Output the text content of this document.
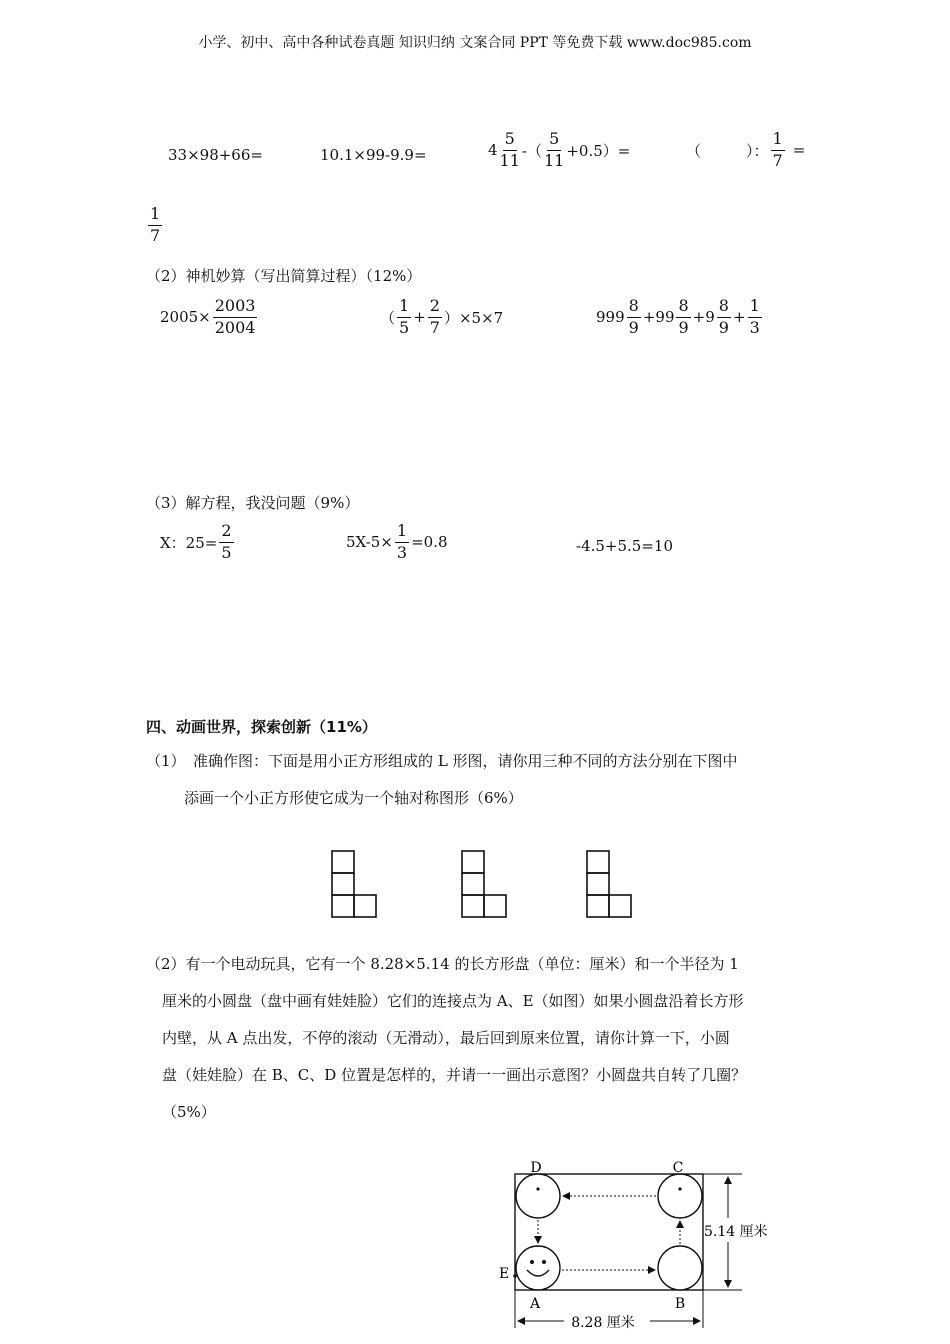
小学、初中、高中各种试卷真题 知识归纳 文案合同 PPT 等免费下载 www.doc985.com
33×98+66=	10.1×99-9.9=	$4 \frac{5}{11}$ -（ $\frac{5}{11} +0.5)=$	（　　　）： $\frac{1}{7}$ =
$\frac{1}{7}$
（2）神机妙算（写出简算过程）（12%）
$2005\times \frac{2003}{2004}$	（ $\frac{1}{5} + \frac{2}{7} )\times 5\times 7$	$999 \frac{8}{9} +99 \frac{8}{9} +9 \frac{8}{9} + \frac{1}{3}$
（3）解方程，我没问题（9%）
X：$25= \frac{2}{5}$	$5X-5\times \frac{1}{3} =0.8$	-4.5+5.5=10
四、动画世界，探索创新（11%）
（1）　准确作图：下面是用小正方形组成的 L 形图，请你用三种不同的方法分别在下图中
添画一个小正方形使它成为一个轴对称图形（6%）
（2）有一个电动玩具，它有一个 8.28×5.14 的长方形盘（单位：厘米）和一个半径为 1
厘米的小圆盘（盘中画有娃娃脸）它们的连接点为 A、E（如图）如果小圆盘沿着长方形
内壁，从 A 点出发，不停的滚动（无滑动），最后回到原来位置，请你计算一下，小圆
盘（娃娃脸）在 B、C、D 位置是怎样的，并请一一画出示意图？小圆盘共自转了几圈？
（5%）
D	C
A	B
E
5.14 厘米
8.28 厘米
